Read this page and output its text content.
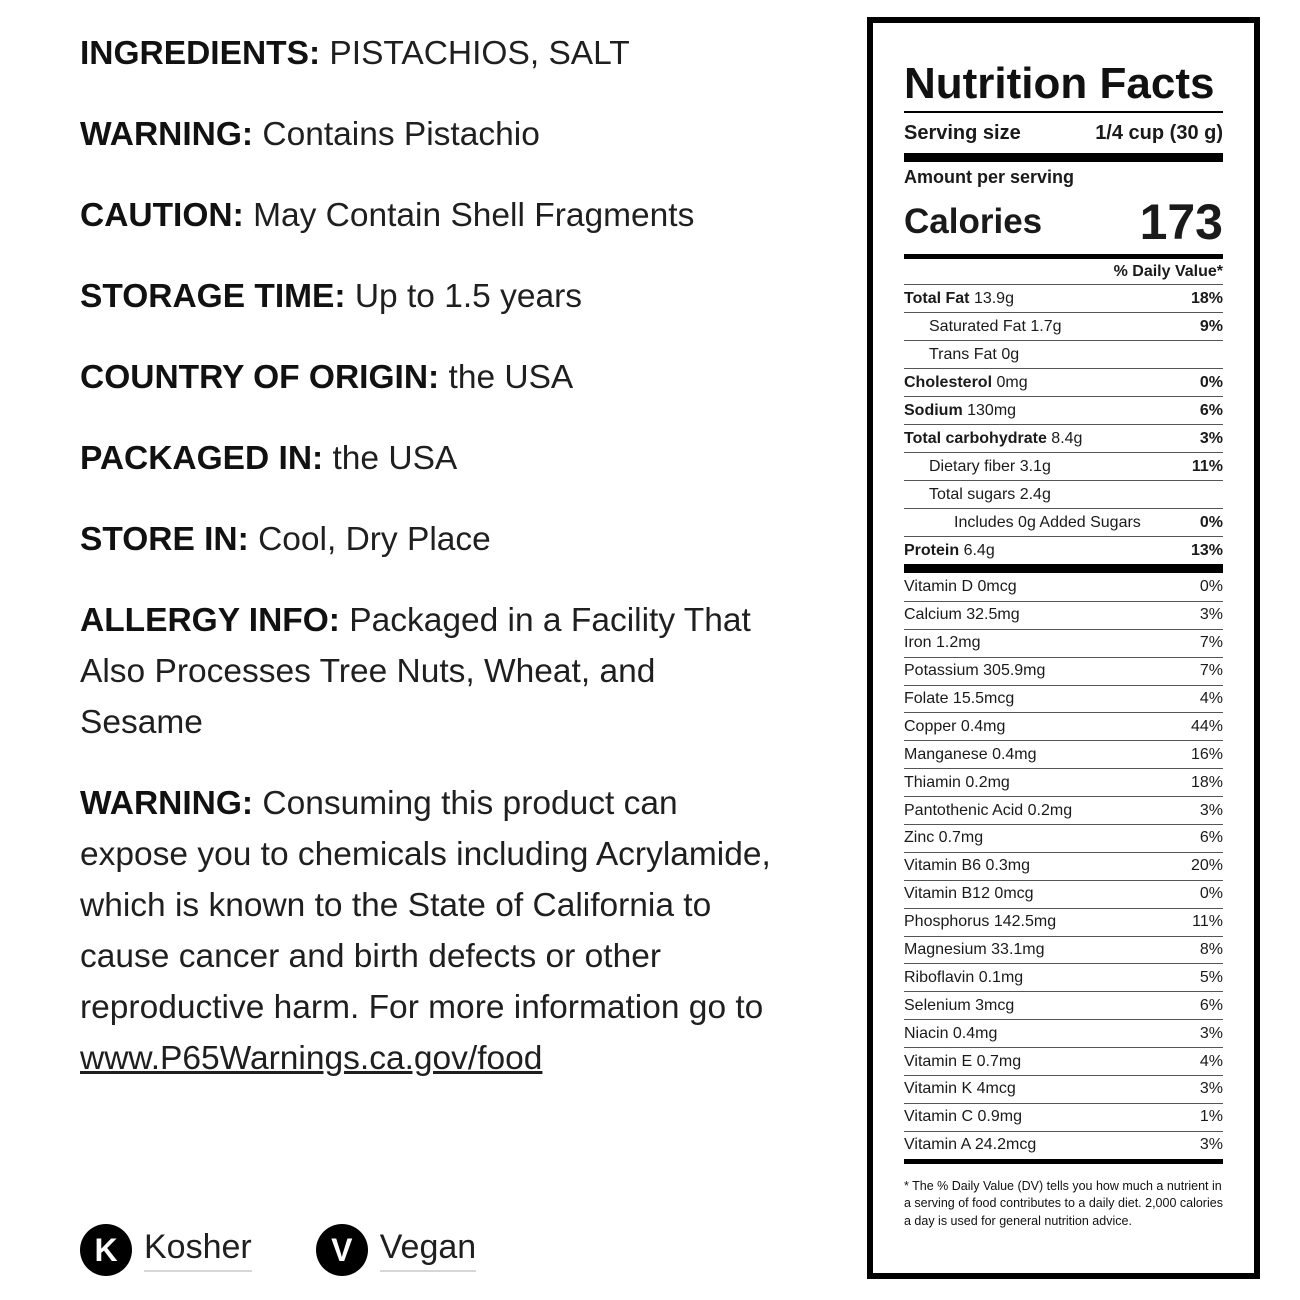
INGREDIENTS: PISTACHIOS, SALT

WARNING: Contains Pistachio

CAUTION: May Contain Shell Fragments

STORAGE TIME: Up to 1.5 years

COUNTRY OF ORIGIN: the USA

PACKAGED IN: the USA

STORE IN: Cool, Dry Place

ALLERGY INFO: Packaged in a Facility That Also Processes Tree Nuts, Wheat, and Sesame

WARNING: Consuming this product can expose you to chemicals including Acrylamide, which is known to the State of California to cause cancer and birth defects or other reproductive harm. For more information go to www.P65Warnings.ca.gov/food

K Kosher	V Vegan
Nutrition Facts
Serving size	1/4 cup (30 g)
Amount per serving
Calories 173
% Daily Value*
Total Fat 13.9g	18%
Saturated Fat 1.7g	9%
Trans Fat 0g
Cholesterol 0mg	0%
Sodium 130mg	6%
Total carbohydrate 8.4g	3%
Dietary fiber 3.1g	11%
Total sugars 2.4g
Includes 0g Added Sugars	0%
Protein 6.4g	13%
Vitamin D 0mcg	0%
Calcium 32.5mg	3%
Iron 1.2mg	7%
Potassium 305.9mg	7%
Folate 15.5mcg	4%
Copper 0.4mg	44%
Manganese 0.4mg	16%
Thiamin 0.2mg	18%
Pantothenic Acid 0.2mg	3%
Zinc 0.7mg	6%
Vitamin B6 0.3mg	20%
Vitamin B12 0mcg	0%
Phosphorus 142.5mg	11%
Magnesium 33.1mg	8%
Riboflavin 0.1mg	5%
Selenium 3mcg	6%
Niacin 0.4mg	3%
Vitamin E 0.7mg	4%
Vitamin K 4mcg	3%
Vitamin C 0.9mg	1%
Vitamin A 24.2mcg	3%
* The % Daily Value (DV) tells you how much a nutrient in a serving of food contributes to a daily diet. 2,000 calories a day is used for general nutrition advice.
